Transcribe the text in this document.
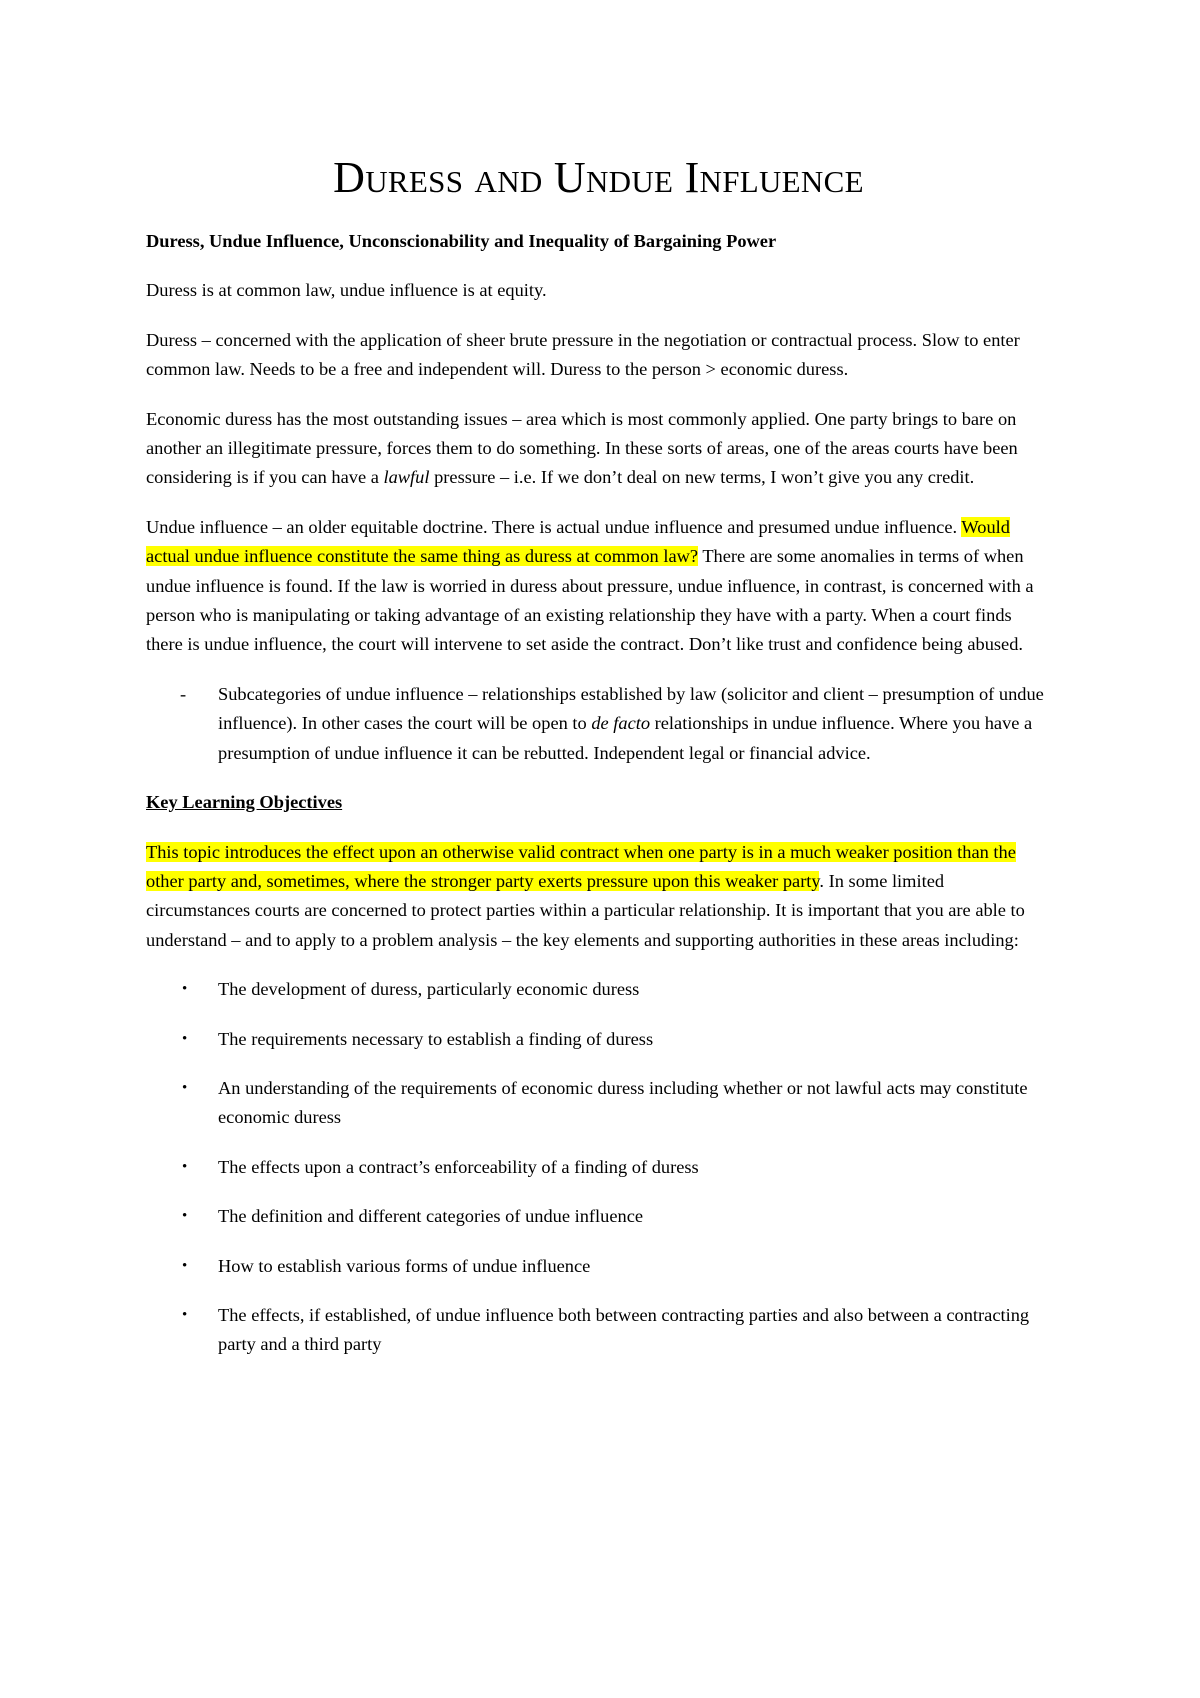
Duress and Undue Influence
Duress, Undue Influence, Unconscionability and Inequality of Bargaining Power

Duress is at common law, undue influence is at equity.

Duress – concerned with the application of sheer brute pressure in the negotiation or contractual process. Slow to enter common law. Needs to be a free and independent will. Duress to the person > economic duress.

Economic duress has the most outstanding issues – area which is most commonly applied. One party brings to bare on another an illegitimate pressure, forces them to do something. In these sorts of areas, one of the areas courts have been considering is if you can have a lawful pressure – i.e. If we don’t deal on new terms, I won’t give you any credit.

Undue influence – an older equitable doctrine. There is actual undue influence and presumed undue influence. Would actual undue influence constitute the same thing as duress at common law? There are some anomalies in terms of when undue influence is found. If the law is worried in duress about pressure, undue influence, in contrast, is concerned with a person who is manipulating or taking advantage of an existing relationship they have with a party. When a court finds there is undue influence, the court will intervene to set aside the contract. Don’t like trust and confidence being abused.

- Subcategories of undue influence – relationships established by law (solicitor and client – presumption of undue influence). In other cases the court will be open to de facto relationships in undue influence. Where you have a presumption of undue influence it can be rebutted. Independent legal or financial advice.
Key Learning Objectives

This topic introduces the effect upon an otherwise valid contract when one party is in a much weaker position than the other party and, sometimes, where the stronger party exerts pressure upon this weaker party. In some limited circumstances courts are concerned to protect parties within a particular relationship. It is important that you are able to understand – and to apply to a problem analysis – the key elements and supporting authorities in these areas including:

• The development of duress, particularly economic duress
• The requirements necessary to establish a finding of duress
• An understanding of the requirements of economic duress including whether or not lawful acts may constitute economic duress
• The effects upon a contract’s enforceability of a finding of duress
• The definition and different categories of undue influence
• How to establish various forms of undue influence
• The effects, if established, of undue influence both between contracting parties and also between a contracting party and a third party
